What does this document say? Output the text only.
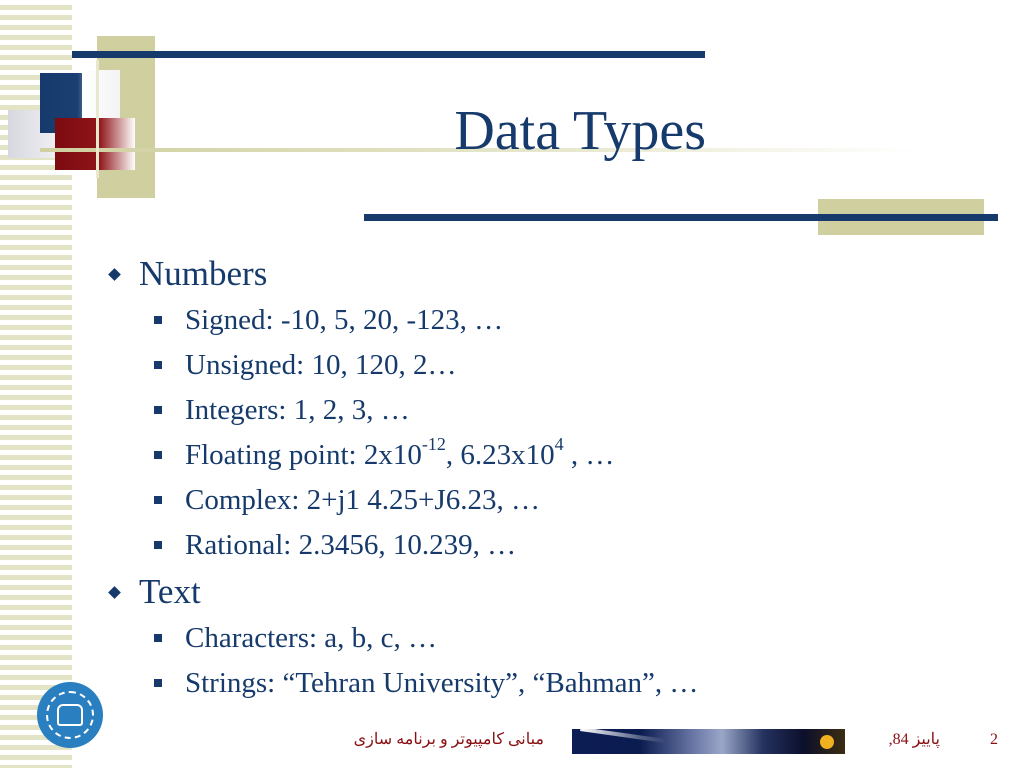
Data Types
Numbers
Signed: -10, 5, 20, -123, …
Unsigned: 10, 120, 2…
Integers: 1, 2, 3, …
Floating point: $2x10^{-12}$, $6.23x10^4$ , …
Complex: 2+j1 4.25+J6.23, …
Rational: 2.3456, 10.239, …
Text
Characters: a, b, c, …
Strings: “Tehran University”, “Bahman”, …
مبانی کامپیوتر و برنامه سازی	پاییز 84,	2
